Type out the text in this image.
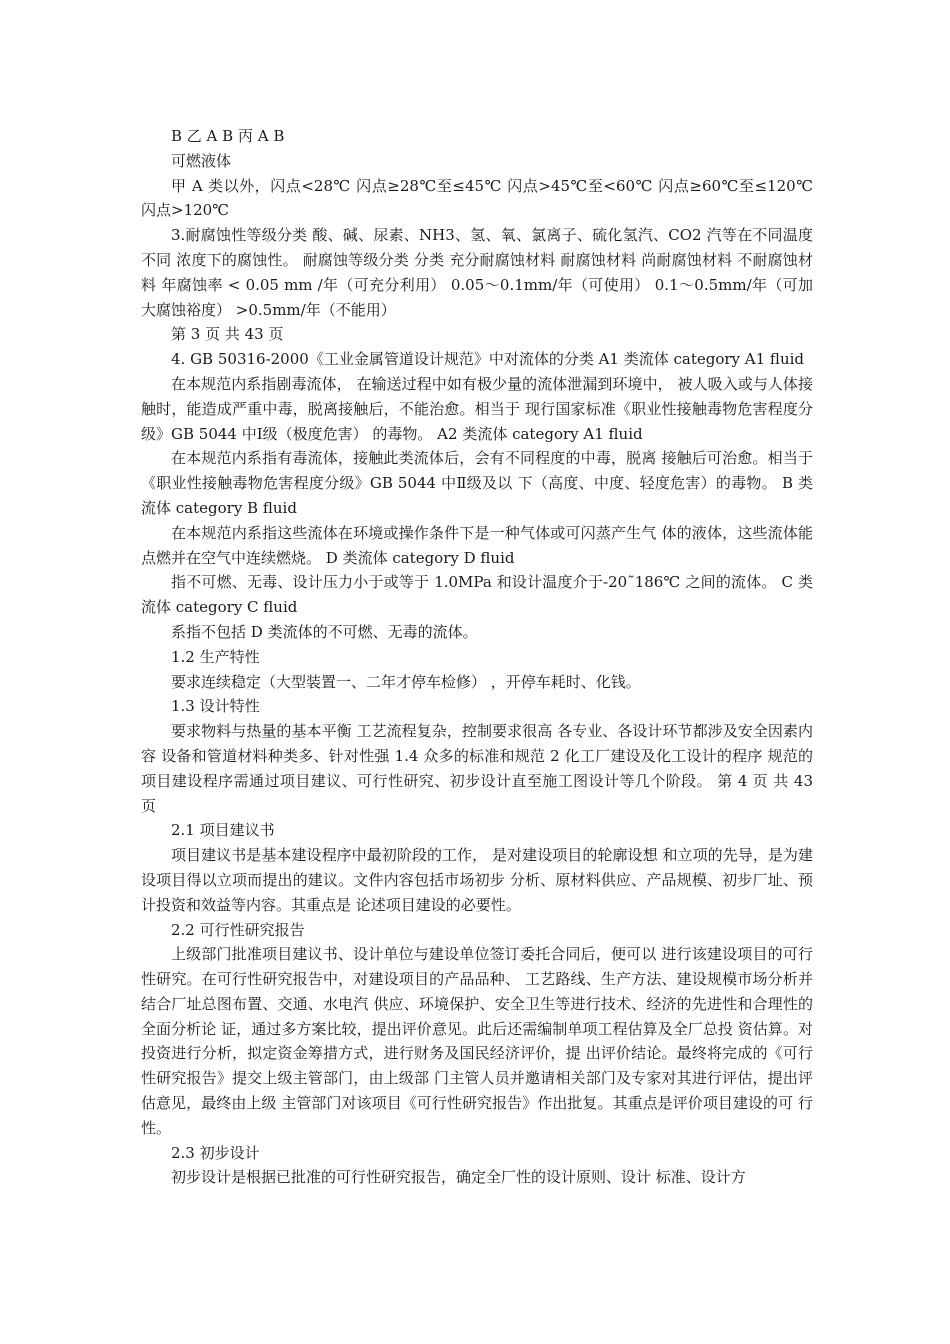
B 乙 A B 丙 A B

可燃液体

甲 A 类以外，闪点<28℃ 闪点≥28℃至≤45℃ 闪点>45℃至<60℃ 闪点≥60℃至≤120℃ 闪点>120℃

3.耐腐蚀性等级分类 酸、碱、尿素、NH3、氢、氧、氯离子、硫化氢汽、CO2 汽等在不同温度不同 浓度下的腐蚀性。 耐腐蚀等级分类 分类 充分耐腐蚀材料 耐腐蚀材料 尚耐腐蚀材料 不耐腐蚀材料 年腐蚀率 < 0.05 mm /年（可充分利用） 0.05～0.1mm/年（可使用） 0.1～0.5mm/年（可加大腐蚀裕度） >0.5mm/年（不能用）

第 3 页 共 43 页

4. GB 50316-2000《工业金属管道设计规范》中对流体的分类 A1 类流体 category A1 fluid

在本规范内系指剧毒流体， 在输送过程中如有极少量的流体泄漏到环境中， 被人吸入或与人体接触时，能造成严重中毒，脱离接触后，不能治愈。相当于 现行国家标准《职业性接触毒物危害程度分级》GB 5044 中Ⅰ级（极度危害） 的毒物。 A2 类流体 category A1 fluid

在本规范内系指有毒流体，接触此类流体后，会有不同程度的中毒，脱离 接触后可治愈。相当于《职业性接触毒物危害程度分级》GB 5044 中Ⅱ级及以 下（高度、中度、轻度危害）的毒物。 B 类流体 category B fluid

在本规范内系指这些流体在环境或操作条件下是一种气体或可闪蒸产生气 体的液体，这些流体能点燃并在空气中连续燃烧。 D 类流体 category D fluid

指不可燃、无毒、设计压力小于或等于 1.0MPa 和设计温度介于-20˜186℃ 之间的流体。 C 类流体 category C fluid

系指不包括 D 类流体的不可燃、无毒的流体。

1.2 生产特性

要求连续稳定（大型装置一、二年才停车检修） ，开停车耗时、化钱。

1.3 设计特性

要求物料与热量的基本平衡 工艺流程复杂，控制要求很高 各专业、各设计环节都涉及安全因素内容 设备和管道材料种类多、针对性强 1.4 众多的标准和规范 2 化工厂建设及化工设计的程序 规范的项目建设程序需通过项目建议、可行性研究、初步设计直至施工图设计等几个阶段。 第 4 页 共 43 页

2.1 项目建议书

项目建议书是基本建设程序中最初阶段的工作， 是对建设项目的轮廓设想 和立项的先导，是为建设项目得以立项而提出的建议。文件内容包括市场初步 分析、原材料供应、产品规模、初步厂址、预计投资和效益等内容。其重点是 论述项目建设的必要性。

2.2 可行性研究报告

上级部门批准项目建议书、设计单位与建设单位签订委托合同后，便可以 进行该建设项目的可行性研究。在可行性研究报告中，对建设项目的产品品种、 工艺路线、生产方法、建设规模市场分析并结合厂址总图布置、交通、水电汽 供应、环境保护、安全卫生等进行技术、经济的先进性和合理性的全面分析论 证，通过多方案比较，提出评价意见。此后还需编制单项工程估算及全厂总投 资估算。对投资进行分析，拟定资金筹措方式，进行财务及国民经济评价，提 出评价结论。最终将完成的《可行性研究报告》提交上级主管部门，由上级部 门主管人员并邀请相关部门及专家对其进行评估，提出评估意见，最终由上级 主管部门对该项目《可行性研究报告》作出批复。其重点是评价项目建设的可 行性。

2.3 初步设计

初步设计是根据已批准的可行性研究报告，确定全厂性的设计原则、设计 标准、设计方
